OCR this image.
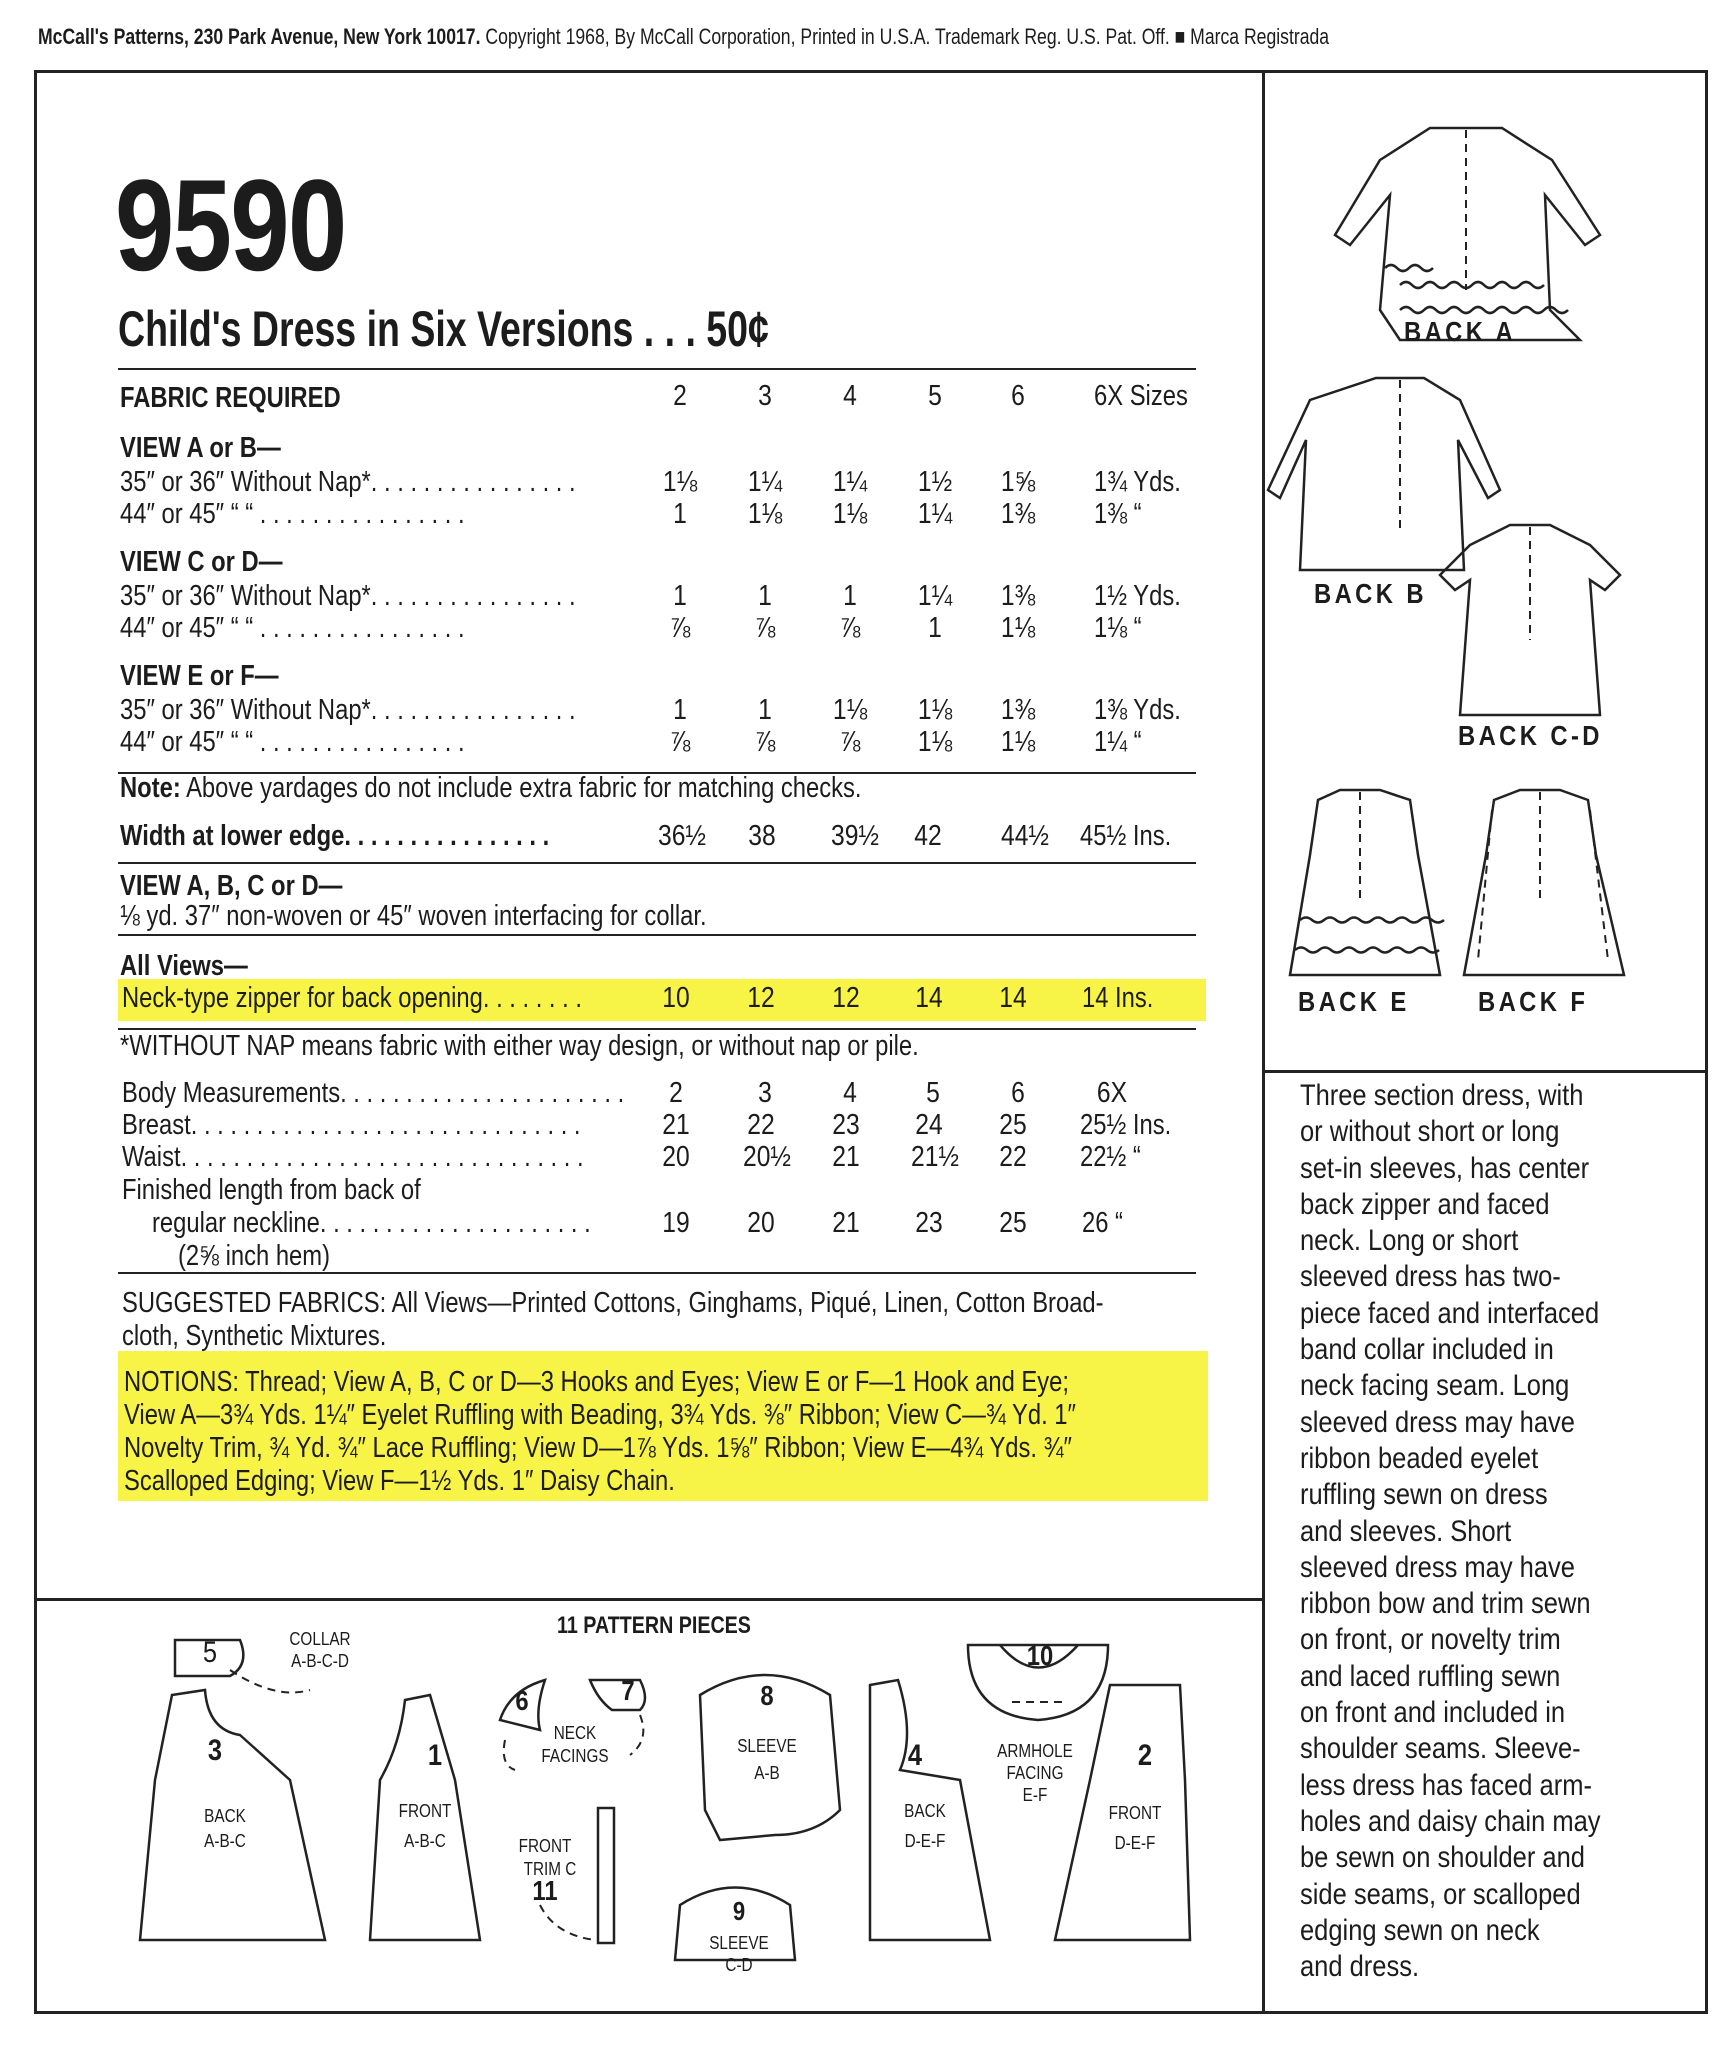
McCall's Patterns, 230 Park Avenue, New York 10017. Copyright 1968, By McCall Corporation, Printed in U.S.A. Trademark Reg. U.S. Pat. Off. ■ Marca Registrada
9590
Child's Dress in Six Versions . . . 50¢
FABRIC REQUIRED	2	3	4	5	6	6X Sizes
VIEW A or B—
35″ or 36″ Without Nap*. . . . . . . . . . . . . . . .	1⅛	1¼	1¼	1½	1⅝	1¾ Yds.
44″ or 45″ “ “ . . . . . . . . . . . . . . . .	1	1⅛	1⅛	1¼	1⅜	1⅜ “
VIEW C or D—
35″ or 36″ Without Nap*. . . . . . . . . . . . . . . .	1	1	1	1¼	1⅜	1½ Yds.
44″ or 45″ “ “ . . . . . . . . . . . . . . . .	⅞	⅞	⅞	1	1⅛	1⅛ “
VIEW E or F—
35″ or 36″ Without Nap*. . . . . . . . . . . . . . . .	1	1	1⅛	1⅛	1⅜	1⅜ Yds.
44″ or 45″ “ “ . . . . . . . . . . . . . . . .	⅞	⅞	⅞	1⅛	1⅛	1¼ “
Note: Above yardages do not include extra fabric for matching checks.
Width at lower edge. . . . . . . . . . . . . . . .	36½	38	39½	42	44½	45½ Ins.
VIEW A, B, C or D—
⅛ yd. 37″ non-woven or 45″ woven interfacing for collar.
All Views—
Neck-type zipper for back opening. . . . . . . .	10	12	12	14	14	14 Ins.
*WITHOUT NAP means fabric with either way design, or without nap or pile.
Body Measurements. . . . . . . . . . . . . . . . . . . . . .	2	3	4	5	6	6X
Breast. . . . . . . . . . . . . . . . . . . . . . . . . . . . . .	21	22	23	24	25	25½ Ins.
Waist. . . . . . . . . . . . . . . . . . . . . . . . . . . . . . .	20	20½	21	21½	22	22½ “
Finished length from back of
regular neckline. . . . . . . . . . . . . . . . . . . . .
(2⅝ inch hem)
19	20	21	23	25	26 “
SUGGESTED FABRICS: All Views—Printed Cottons, Ginghams, Piqué, Linen, Cotton Broad-
cloth, Synthetic Mixtures.
NOTIONS: Thread; View A, B, C or D—3 Hooks and Eyes; View E or F—1 Hook and Eye;
View A—3¾ Yds. 1¼″ Eyelet Ruffling with Beading, 3¾ Yds. ⅜″ Ribbon; View C—¾ Yd. 1″
Novelty Trim, ¾ Yd. ¾″ Lace Ruffling; View D—1⅞ Yds. 1⅝″ Ribbon; View E—4¾ Yds. ¾″
Scalloped Edging; View F—1½ Yds. 1″ Daisy Chain.
BACK A
BACK B
BACK C-D
BACK E BACK F
Three section dress, with
or without short or long
set-in sleeves, has center
back zipper and faced
neck. Long or short
sleeved dress has two-
piece faced and interfaced
band collar included in
neck facing seam. Long
sleeved dress may have
ribbon beaded eyelet
ruffling sewn on dress
and sleeves. Short
sleeved dress may have
ribbon bow and trim sewn
on front, or novelty trim
and laced ruffling sewn
on front and included in
shoulder seams. Sleeve-
less dress has faced arm-
holes and daisy chain may
be sewn on shoulder and
side seams, or scalloped
edging sewn on neck
and dress.
11 PATTERN PIECES
5	COLLAR
A-B-C-D
3
BACK
A-B-C
1
FRONT
A-B-C
6	7
NECK
FACINGS
FRONT
TRIM C
11
8
SLEEVE
A-B
9
SLEEVE
C-D
4
BACK
D-E-F
10
ARMHOLE
FACING
E-F
2
FRONT
D-E-F
